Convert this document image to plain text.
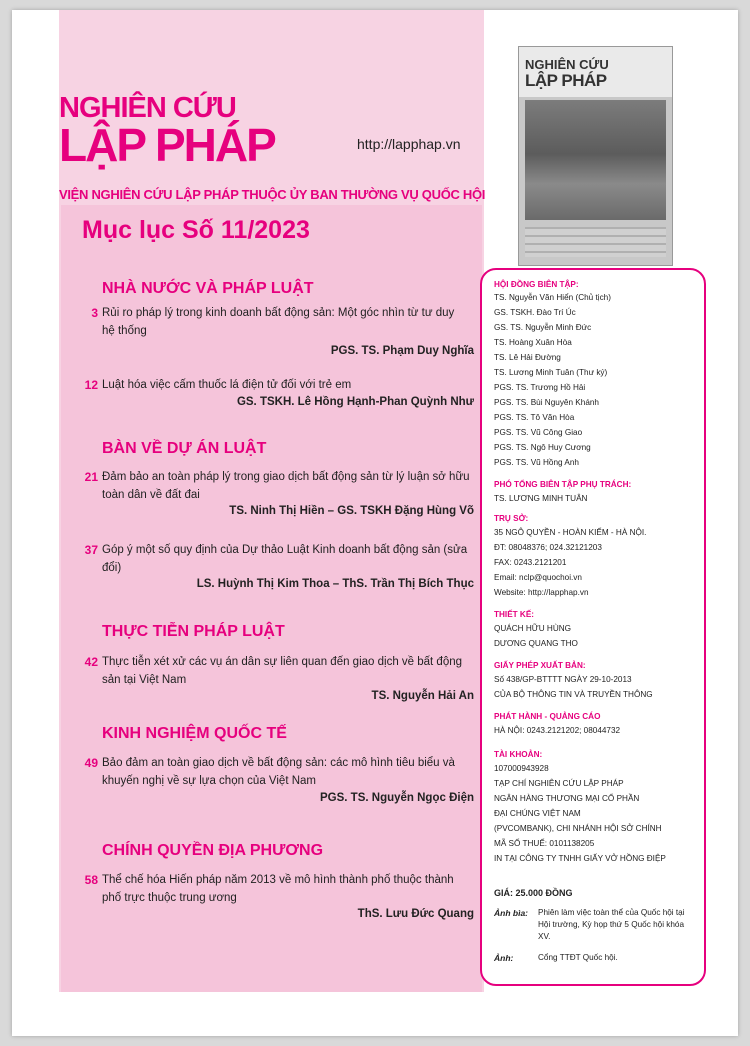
NGHIÊN CỨU
LẬP PHÁP	http://lapphap.vn
VIỆN NGHIÊN CỨU LẬP PHÁP THUỘC ỦY BAN THƯỜNG VỤ QUỐC HỘI
NGHIÊN CỨU
LẬP PHÁP
Mục lục Số 11/2023
NHÀ NƯỚC VÀ PHÁP LUẬT
3 Rủi ro pháp lý trong kinh doanh bất động sản: Một góc nhìn từ tư duy hệ thống
PGS. TS. Phạm Duy Nghĩa
12 Luật hóa việc cấm thuốc lá điện tử đối với trẻ em
GS. TSKH. Lê Hồng Hạnh-Phan Quỳnh Như
BÀN VỀ DỰ ÁN LUẬT
21 Đảm bảo an toàn pháp lý trong giao dịch bất động sản từ lý luận sở hữu toàn dân về đất đai
TS. Ninh Thị Hiền – GS. TSKH Đặng Hùng Võ
37 Góp ý một số quy định của Dự thảo Luật Kinh doanh bất động sản (sửa đổi)
LS. Huỳnh Thị Kim Thoa – ThS. Trần Thị Bích Thục
THỰC TIỄN PHÁP LUẬT
42 Thực tiễn xét xử các vụ án dân sự liên quan đến giao dịch về bất động sản tại Việt Nam
TS. Nguyễn Hải An
KINH NGHIỆM QUỐC TẾ
49 Bảo đảm an toàn giao dịch về bất động sản: các mô hình tiêu biểu và khuyến nghị về sự lựa chọn của Việt Nam
PGS. TS. Nguyễn Ngọc Điện
CHÍNH QUYỀN ĐỊA PHƯƠNG
58 Thể chế hóa Hiến pháp năm 2013 về mô hình thành phố thuộc thành phố trực thuộc trung ương
ThS. Lưu Đức Quang
HỘI ĐỒNG BIÊN TẬP:
TS. Nguyễn Văn Hiển (Chủ tịch)
GS. TSKH. Đào Trí Úc
GS. TS. Nguyễn Minh Đức
TS. Hoàng Xuân Hòa
TS. Lê Hải Đường
TS. Lương Minh Tuân (Thư ký)
PGS. TS. Trương Hồ Hải
PGS. TS. Bùi Nguyên Khánh
PGS. TS. Tô Văn Hòa
PGS. TS. Vũ Công Giao
PGS. TS. Ngô Huy Cương
PGS. TS. Vũ Hồng Anh
PHÓ TỔNG BIÊN TẬP PHỤ TRÁCH:
TS. LƯƠNG MINH TUÂN
TRỤ SỞ:
35 NGÔ QUYỀN - HOÀN KIẾM - HÀ NỘI.
ĐT: 08048376; 024.32121203
FAX: 0243.2121201
Email: nclp@quochoi.vn
Website: http://lapphap.vn
THIẾT KẾ:
QUÁCH HỮU HÙNG
DƯƠNG QUANG THO
GIẤY PHÉP XUẤT BẢN:
Số 438/GP-BTTTT NGÀY 29-10-2013
CỦA BỘ THÔNG TIN VÀ TRUYỀN THÔNG
PHÁT HÀNH - QUẢNG CÁO
HÀ NỘI: 0243.2121202; 08044732
TÀI KHOẢN:
107000943928
TẠP CHÍ NGHIÊN CỨU LẬP PHÁP
NGÂN HÀNG THƯƠNG MẠI CỔ PHẦN
ĐẠI CHÚNG VIỆT NAM
(PVCOMBANK), CHI NHÁNH HỘI SỞ CHÍNH
MÃ SỐ THUẾ: 0101138205
IN TẠI CÔNG TY TNHH GIẤY VỞ HỒNG ĐIỆP
GIÁ: 25.000 ĐỒNG
Ảnh bìa: Phiên làm việc toàn thể của Quốc hội tại Hội trường, Kỳ họp thứ 5 Quốc hội khóa XV.
Ảnh:	Cổng TTĐT Quốc hội.
